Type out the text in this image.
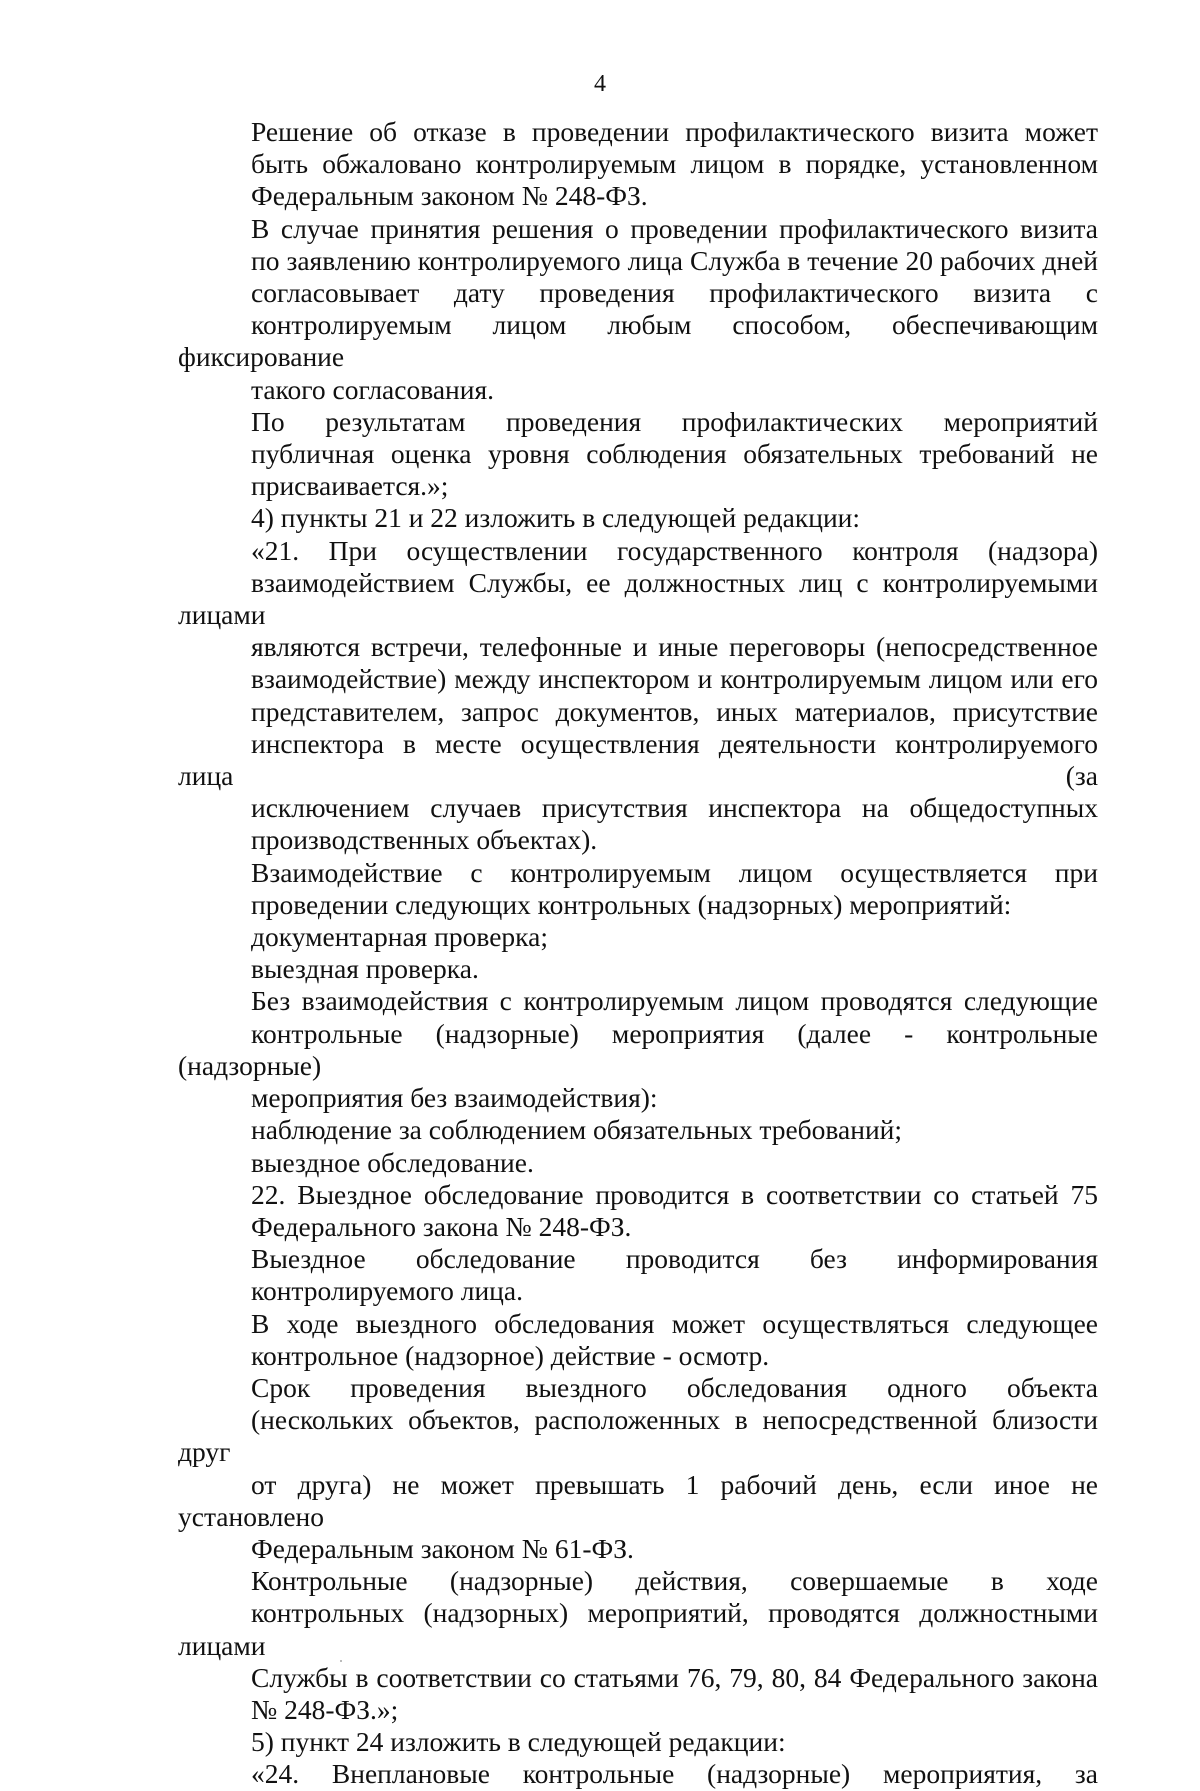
4
Решение об отказе в проведении профилактического визита может
быть обжаловано контролируемым лицом в порядке, установленном
Федеральным законом № 248-ФЗ.
В случае принятия решения о проведении профилактического визита
по заявлению контролируемого лица Служба в течение 20 рабочих дней
согласовывает дату проведения профилактического визита с
контролируемым лицом любым способом, обеспечивающим фиксирование
такого согласования.
По результатам проведения профилактических мероприятий
публичная оценка уровня соблюдения обязательных требований не
присваивается.»;
4) пункты 21 и 22 изложить в следующей редакции:
«21. При осуществлении государственного контроля (надзора)
взаимодействием Службы, ее должностных лиц с контролируемыми лицами
являются встречи, телефонные и иные переговоры (непосредственное
взаимодействие) между инспектором и контролируемым лицом или его
представителем, запрос документов, иных материалов, присутствие
инспектора в месте осуществления деятельности контролируемого лица (за
исключением случаев присутствия инспектора на общедоступных
производственных объектах).
Взаимодействие с контролируемым лицом осуществляется при
проведении следующих контрольных (надзорных) мероприятий:
документарная проверка;
выездная проверка.
Без взаимодействия с контролируемым лицом проводятся следующие
контрольные (надзорные) мероприятия (далее - контрольные (надзорные)
мероприятия без взаимодействия):
наблюдение за соблюдением обязательных требований;
выездное обследование.
22. Выездное обследование проводится в соответствии со статьей 75
Федерального закона № 248-ФЗ.
Выездное обследование проводится без информирования
контролируемого лица.
В ходе выездного обследования может осуществляться следующее
контрольное (надзорное) действие - осмотр.
Срок проведения выездного обследования одного объекта
(нескольких объектов, расположенных в непосредственной близости друг
от друга) не может превышать 1 рабочий день, если иное не установлено
Федеральным законом № 61-ФЗ.
Контрольные (надзорные) действия, совершаемые в ходе
контрольных (надзорных) мероприятий, проводятся должностными лицами
Службы в соответствии со статьями 76, 79, 80, 84 Федерального закона
№ 248-ФЗ.»;
5) пункт 24 изложить в следующей редакции:
«24. Внеплановые контрольные (надзорные) мероприятия, за
